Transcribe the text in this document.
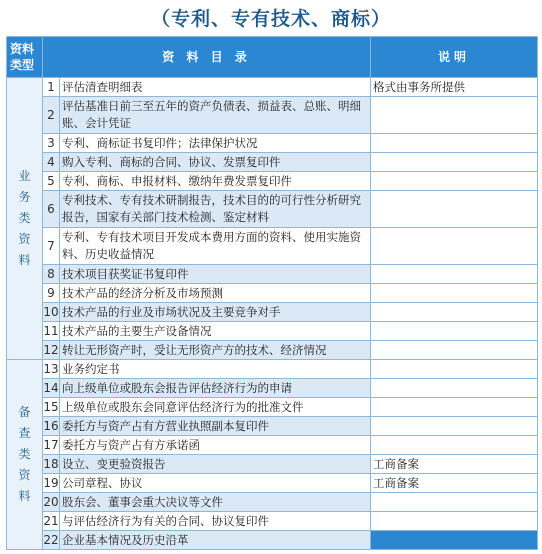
（专利、专有技术、商标）
资料类型	资 料 目 录		说明

业务类资料	1	评估清查明细表	格式由事务所提供
	2	评估基准日前三至五年的资产负债表、损益表、总账、明细账、会计凭证	
	3	专利、商标证书复印件；法律保护状况	
	4	购入专利、商标的合同、协议、发票复印件	
	5	专利、商标、申报材料、缴纳年费发票复印件	
	6	专利技术、专有技术研制报告，技术目的的可行性分析研究报告，国家有关部门技术检测、鉴定材料	
	7	专利、专有技术项目开发成本费用方面的资料、使用实施资料、历史收益情况	
	8	技术项目获奖证书复印件	
	9	技术产品的经济分析及市场预测	
	10	技术产品的行业及市场状况及主要竞争对手	
	11	技术产品的主要生产设备情况	
	12	转让无形资产时，受让无形资产方的技术、经济情况	

备查类资料	13	业务约定书	
	14	向上级单位或股东会报告评估经济行为的申请	
	15	上级单位或股东会同意评估经济行为的批准文件	
	16	委托方与资产占有方营业执照副本复印件	
	17	委托方与资产占有方承诺函	
	18	设立、变更验资报告	工商备案
	19	公司章程、协议	工商备案
	20	股东会、董事会重大决议等文件	
	21	与评估经济行为有关的合同、协议复印件	
	22	企业基本情况及历史沿革	
